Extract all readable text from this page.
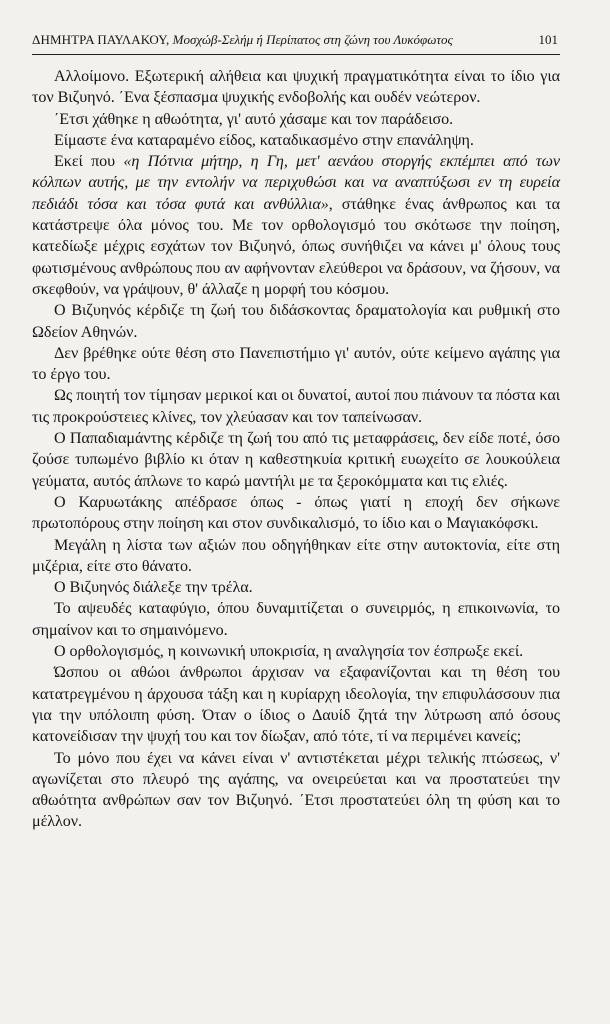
ΔΗΜΗΤΡΑ ΠΑΥΛΑΚΟΥ, Μοσχώβ-Σελήμ ή Περίπατος στη ζώνη του Λυκόφωτος	101

Αλλοίμονο. Εξωτερική αλήθεια και ψυχική πραγματικότητα είναι το ίδιο για τον Βιζυηνό. ΄Ενα ξέσπασμα ψυχικής ενδοβολής και ουδέν νεώτερον.

΄Ετσι χάθηκε η αθωότητα, γι' αυτό χάσαμε και τον παράδεισο.

Είμαστε ένα καταραμένο είδος, καταδικασμένο στην επανάληψη.

Εκεί που «η Πότνια μήτηρ, η Γη, μετ' αενάου στοργής εκπέμπει από των κόλπων αυτής, με την εντολήν να περιχυθώσι και να αναπτύξωσι εν τη ευρεία πεδιάδι τόσα και τόσα φυτά και ανθύλλια», στάθηκε ένας άνθρωπος και τα κατάστρεψε όλα μόνος του. Με τον ορθολογισμό του σκότωσε την ποίηση, κατεδίωξε μέχρις εσχάτων τον Βιζυηνό, όπως συνήθιζει να κάνει μ' όλους τους φωτισμένους ανθρώπους που αν αφήνονταν ελεύθεροι να δράσουν, να ζήσουν, να σκεφθούν, να γράψουν, θ' άλλαζε η μορφή του κόσμου.

Ο Βιζυηνός κέρδιζε τη ζωή του διδάσκοντας δραματολογία και ρυθμική στο Ωδείον Αθηνών.

Δεν βρέθηκε ούτε θέση στο Πανεπιστήμιο γι' αυτόν, ούτε κείμενο αγάπης για το έργο του.

Ως ποιητή τον τίμησαν μερικοί και οι δυνατοί, αυτοί που πιάνουν τα πόστα και τις προκρούστειες κλίνες, τον χλεύασαν και τον ταπείνωσαν.

Ο Παπαδιαμάντης κέρδιζε τη ζωή του από τις μεταφράσεις, δεν είδε ποτέ, όσο ζούσε τυπωμένο βιβλίο κι όταν η καθεστηκυία κριτική ευωχείτο σε λουκούλεια γεύματα, αυτός άπλωνε το καρώ μαντήλι με τα ξεροκόμματα και τις ελιές.

Ο Καρυωτάκης απέδρασε όπως - όπως γιατί η εποχή δεν σήκωνε πρωτοπόρους στην ποίηση και στον συνδικαλισμό, το ίδιο και ο Μαγιακόφσκι.

Μεγάλη η λίστα των αξιών που οδηγήθηκαν είτε στην αυτοκτονία, είτε στη μιζέρια, είτε στο θάνατο.

Ο Βιζυηνός διάλεξε την τρέλα.

Το αψευδές καταφύγιο, όπου δυναμιτίζεται ο συνειρμός, η επικοινωνία, το σημαίνον και το σημαινόμενο.

Ο ορθολογισμός, η κοινωνική υποκρισία, η αναλγησία τον έσπρωξε εκεί.

Ώσπου οι αθώοι άνθρωποι άρχισαν να εξαφανίζονται και τη θέση του κατατρεγμένου η άρχουσα τάξη και η κυρίαρχη ιδεολογία, την επιφυλάσσουν πια για την υπόλοιπη φύση. Όταν ο ίδιος ο Δαυίδ ζητά την λύτρωση από όσους κατονείδισαν την ψυχή του και τον δίωξαν, από τότε, τί να περιμένει κανείς;

Το μόνο που έχει να κάνει είναι ν' αντιστέκεται μέχρι τελικής πτώσεως, ν' αγωνίζεται στο πλευρό της αγάπης, να ονειρεύεται και να προστατεύει την αθωότητα ανθρώπων σαν τον Βιζυηνό. ΄Ετσι προστατεύει όλη τη φύση και το μέλλον.
